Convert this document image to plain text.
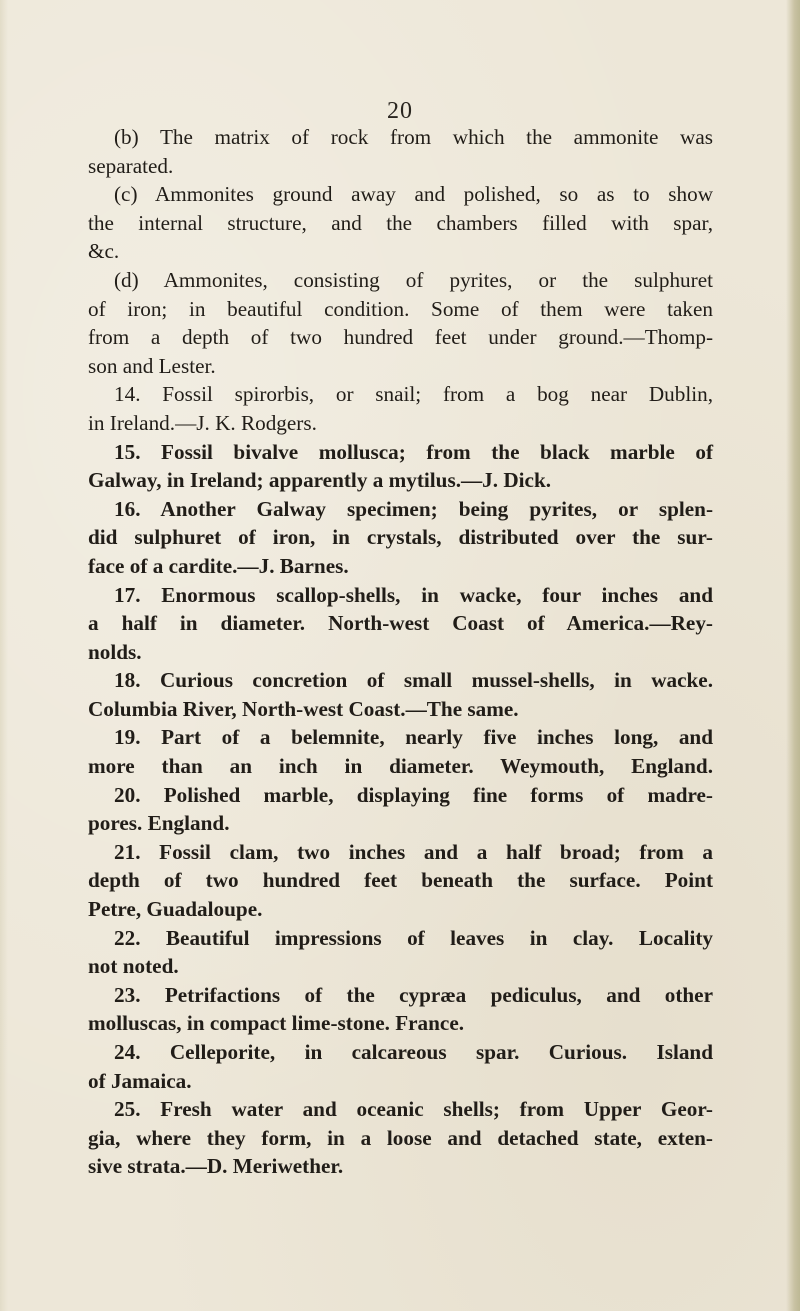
20
(b) The matrix of rock from which the ammonite was
separated.
(c) Ammonites ground away and polished, so as to show
the internal structure, and the chambers filled with spar,
&c.
(d) Ammonites, consisting of pyrites, or the sulphuret
of iron; in beautiful condition. Some of them were taken
from a depth of two hundred feet under ground.—Thomp-
son and Lester.
14. Fossil spirorbis, or snail; from a bog near Dublin,
in Ireland.—J. K. Rodgers.
15. Fossil bivalve mollusca; from the black marble of
Galway, in Ireland; apparently a mytilus.—J. Dick.
16. Another Galway specimen; being pyrites, or splen-
did sulphuret of iron, in crystals, distributed over the sur-
face of a cardite.—J. Barnes.
17. Enormous scallop-shells, in wacke, four inches and
a half in diameter. North-west Coast of America.—Rey-
nolds.
18. Curious concretion of small mussel-shells, in wacke.
Columbia River, North-west Coast.—The same.
19. Part of a belemnite, nearly five inches long, and
more than an inch in diameter. Weymouth, England.
20. Polished marble, displaying fine forms of madre-
pores. England.
21. Fossil clam, two inches and a half broad; from a
depth of two hundred feet beneath the surface. Point
Petre, Guadaloupe.
22. Beautiful impressions of leaves in clay. Locality
not noted.
23. Petrifactions of the cypræa pediculus, and other
molluscas, in compact lime-stone. France.
24. Celleporite, in calcareous spar. Curious. Island
of Jamaica.
25. Fresh water and oceanic shells; from Upper Geor-
gia, where they form, in a loose and detached state, exten-
sive strata.—D. Meriwether.
